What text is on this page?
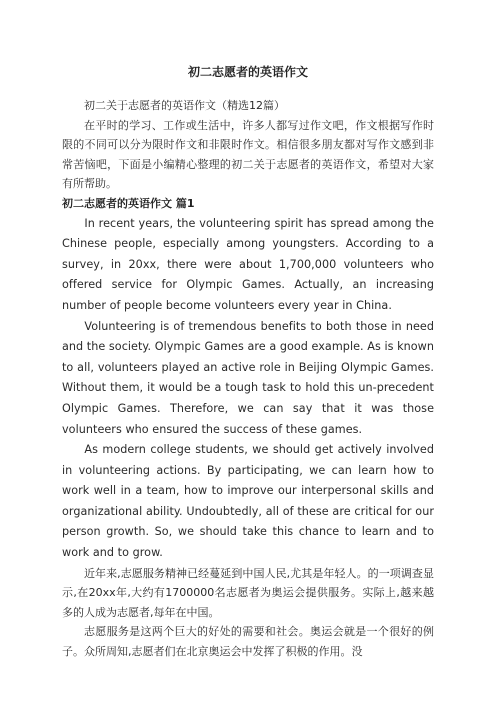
初二志愿者的英语作文

初二关于志愿者的英语作文（精选12篇）

在平时的学习、工作或生活中，许多人都写过作文吧，作文根据写作时限的不同可以分为限时作文和非限时作文。相信很多朋友都对写作文感到非常苦恼吧，下面是小编精心整理的初二关于志愿者的英语作文，希望对大家有所帮助。

初二志愿者的英语作文 篇1

In recent years, the volunteering spirit has spread among the Chinese people, especially among youngsters. According to a survey, in 20xx, there were about 1,700,000 volunteers who offered service for Olympic Games. Actually, an increasing number of people become volunteers every year in China.

Volunteering is of tremendous benefits to both those in need and the society. Olympic Games are a good example. As is known to all, volunteers played an active role in Beijing Olympic Games. Without them, it would be a tough task to hold this un-precedent Olympic Games. Therefore, we can say that it was those volunteers who ensured the success of these games.

As modern college students, we should get actively involved in volunteering actions. By participating, we can learn how to work well in a team, how to improve our interpersonal skills and organizational ability. Undoubtedly, all of these are critical for our person growth. So, we should take this chance to learn and to work and to grow.

近年来,志愿服务精神已经蔓延到中国人民,尤其是年轻人。的一项调查显示,在20xx年,大约有1700000名志愿者为奥运会提供服务。实际上,越来越多的人成为志愿者,每年在中国。

志愿服务是这两个巨大的好处的需要和社会。奥运会就是一个很好的例子。众所周知,志愿者们在北京奥运会中发挥了积极的作用。没
